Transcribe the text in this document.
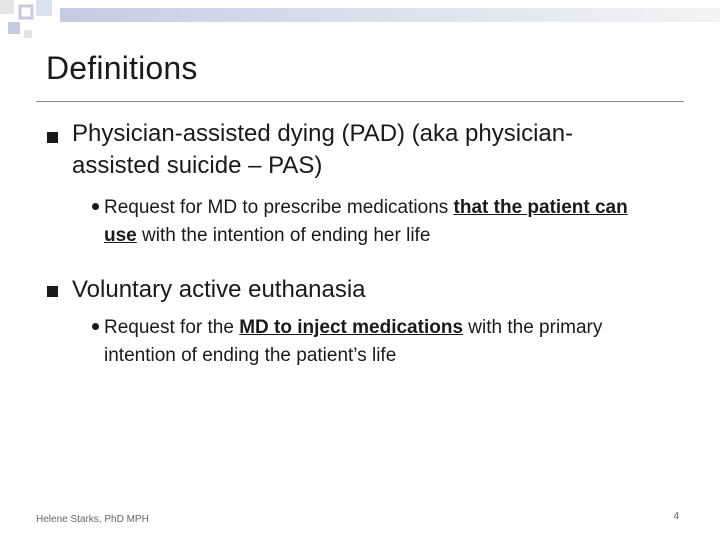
Definitions

Physician-assisted dying (PAD) (aka physician-
assisted suicide – PAS)

Request for MD to prescribe medications that the patient can use with the intention of ending her life

Voluntary active euthanasia

Request for the MD to inject medications with the primary intention of ending the patient’s life

Helene Starks, PhD MPH	4
